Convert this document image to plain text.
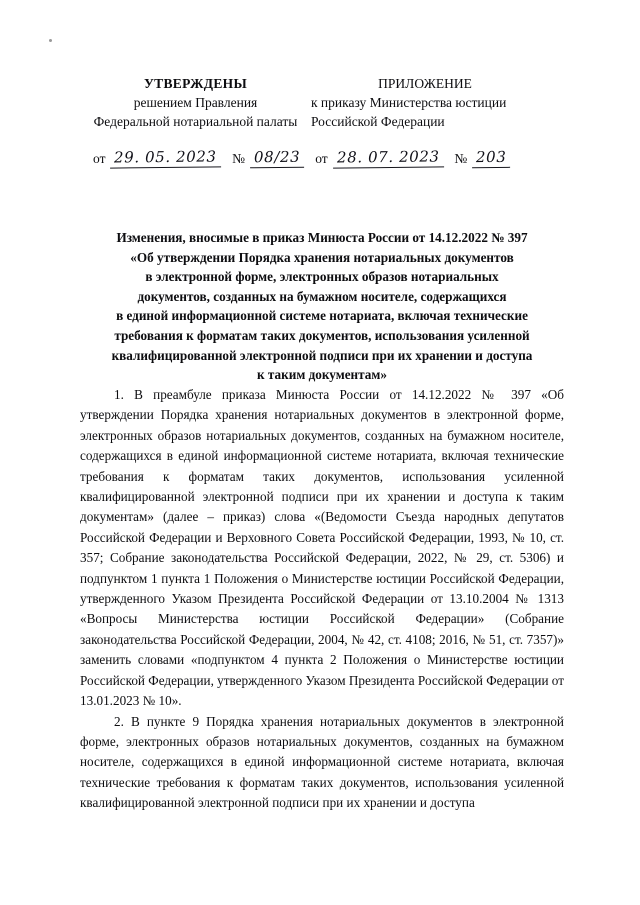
УТВЕРЖДЕНЫ
решением Правления
Федеральной нотариальной палаты
ПРИЛОЖЕНИЕ
к приказу Министерства юстиции
Российской Федерации
от 29. 05. 2023	№ 08/23	от 28. 07. 2023	№ 203
Изменения, вносимые в приказ Минюста России от 14.12.2022 № 397
«Об утверждении Порядка хранения нотариальных документов
в электронной форме, электронных образов нотариальных
документов, созданных на бумажном носителе, содержащихся
в единой информационной системе нотариата, включая технические
требования к форматам таких документов, использования усиленной
квалифицированной электронной подписи при их хранении и доступа
к таким документам»

1. В преамбуле приказа Минюста России от 14.12.2022 № 397 «Об утверждении Порядка хранения нотариальных документов в электронной форме, электронных образов нотариальных документов, созданных на бумажном носителе, содержащихся в единой информационной системе нотариата, включая технические требования к форматам таких документов, использования усиленной квалифицированной электронной подписи при их хранении и доступа к таким документам» (далее – приказ) слова «(Ведомости Съезда народных депутатов Российской Федерации и Верховного Совета Российской Федерации, 1993, № 10, ст. 357; Собрание законодательства Российской Федерации, 2022, № 29, ст. 5306) и подпунктом 1 пункта 1 Положения о Министерстве юстиции Российской Федерации, утвержденного Указом Президента Российской Федерации от 13.10.2004 № 1313 «Вопросы Министерства юстиции Российской Федерации» (Собрание законодательства Российской Федерации, 2004, № 42, ст. 4108; 2016, № 51, ст. 7357)» заменить словами «подпунктом 4 пункта 2 Положения о Министерстве юстиции Российской Федерации, утвержденного Указом Президента Российской Федерации от 13.01.2023 № 10».

2. В пункте 9 Порядка хранения нотариальных документов в электронной форме, электронных образов нотариальных документов, созданных на бумажном носителе, содержащихся в единой информационной системе нотариата, включая технические требования к форматам таких документов, использования усиленной квалифицированной электронной подписи при их хранении и доступа
